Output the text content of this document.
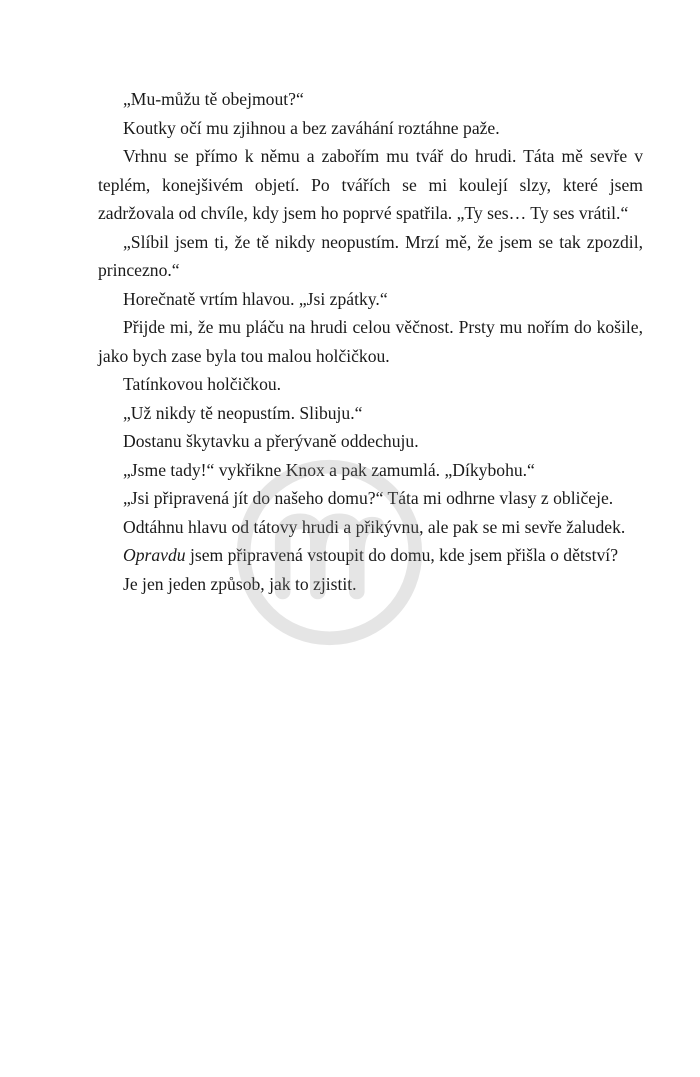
„Mu-můžu tě obejmout?“

Koutky očí mu zjihnou a bez zaváhání roztáhne paže.

Vrhnu se přímo k němu a zabořím mu tvář do hrudi. Táta mě sevře v teplém, konejšivém objetí. Po tvářích se mi koulejí slzy, které jsem zadržovala od chvíle, kdy jsem ho poprvé spatřila. „Ty ses… Ty ses vrátil.“

„Slíbil jsem ti, že tě nikdy neopustím. Mrzí mě, že jsem se tak zpozdil, princezno.“

Horečnatě vrtím hlavou. „Jsi zpátky.“

Přijde mi, že mu pláču na hrudi celou věčnost. Prsty mu nořím do košile, jako bych zase byla tou malou holčičkou.

Tatínkovou holčičkou.

„Už nikdy tě neopustím. Slibuju.“

Dostanu škytavku a přerývaně oddechuju.

„Jsme tady!“ vykřikne Knox a pak zamumlá. „Díkybohu.“

„Jsi připravená jít do našeho domu?“ Táta mi odhrne vlasy z obličeje.

Odtáhnu hlavu od tátovy hrudi a přikývnu, ale pak se mi sevře žaludek.

Opravdu jsem připravená vstoupit do domu, kde jsem přišla o dětství?

Je jen jeden způsob, jak to zjistit.
